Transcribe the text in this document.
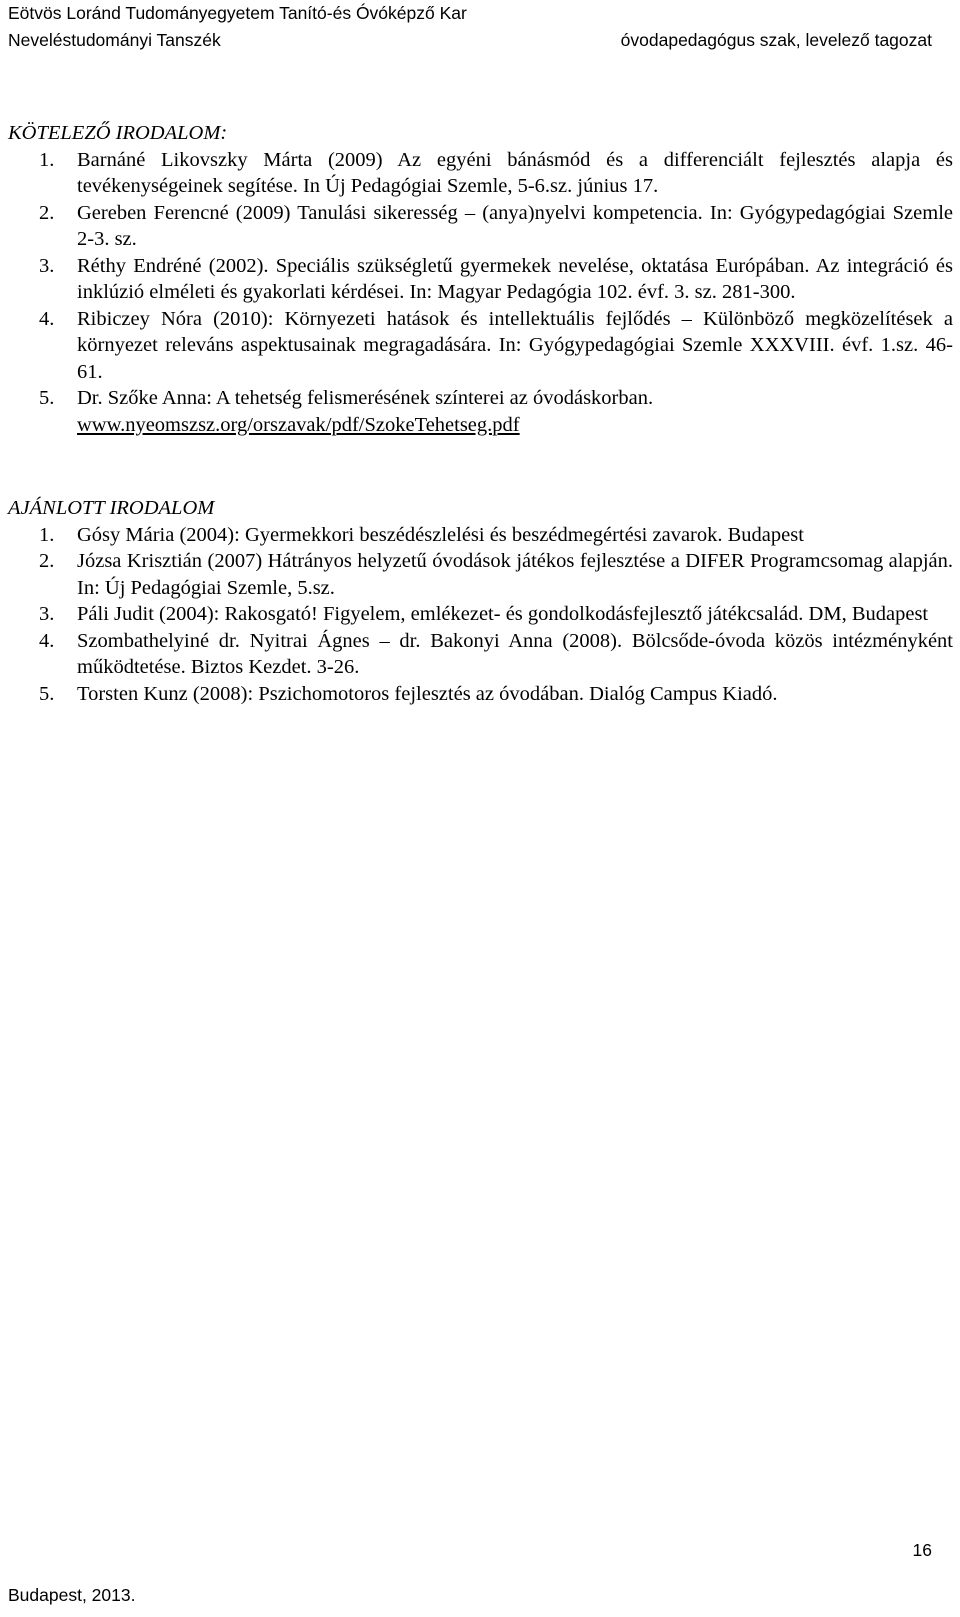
Eötvös Loránd Tudományegyetem Tanító-és Óvóképző Kar
Neveléstudományi Tanszék	óvodapedagógus szak, levelező tagozat

KÖTELEZŐ IRODALOM:

1. Barnáné Likovszky Márta (2009) Az egyéni bánásmód és a differenciált fejlesztés alapja és tevékenységeinek segítése. In Új Pedagógiai Szemle, 5-6.sz. június 17.
2. Gereben Ferencné (2009) Tanulási sikeresség – (anya)nyelvi kompetencia. In: Gyógypedagógiai Szemle 2-3. sz.
3. Réthy Endréné (2002). Speciális szükségletű gyermekek nevelése, oktatása Európában. Az integráció és inklúzió elméleti és gyakorlati kérdései. In: Magyar Pedagógia 102. évf. 3. sz. 281-300.
4. Ribiczey Nóra (2010): Környezeti hatások és intellektuális fejlődés – Különböző megközelítések a környezet releváns aspektusainak megragadására. In: Gyógypedagógiai Szemle XXXVIII. évf. 1.sz. 46-61.
5. Dr. Szőke Anna: A tehetség felismerésének színterei az óvodáskorban.
www.nyeomszsz.org/orszavak/pdf/SzokeTehetseg.pdf

AJÁNLOTT IRODALOM

1. Gósy Mária (2004): Gyermekkori beszédészlelési és beszédmegértési zavarok. Budapest
2. Józsa Krisztián (2007) Hátrányos helyzetű óvodások játékos fejlesztése a DIFER Programcsomag alapján. In: Új Pedagógiai Szemle, 5.sz.
3. Páli Judit (2004): Rakosgató! Figyelem, emlékezet- és gondolkodásfejlesztő játékcsalád. DM, Budapest
4. Szombathelyiné dr. Nyitrai Ágnes – dr. Bakonyi Anna (2008). Bölcsőde-óvoda közös intézményként működtetése. Biztos Kezdet. 3-26.
5. Torsten Kunz (2008): Pszichomotoros fejlesztés az óvodában. Dialóg Campus Kiadó.
16
Budapest, 2013.
